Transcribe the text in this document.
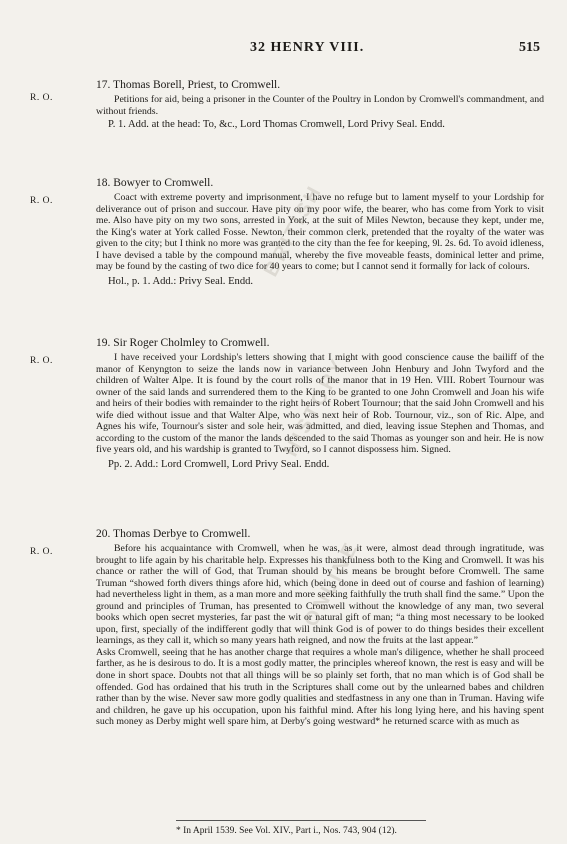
32 HENRY VIII.	515
R. O.
R. O.
R. O.
R. O.

17. Thomas Borell, Priest, to Cromwell.

Petitions for aid, being a prisoner in the Counter of the Poultry in London by Cromwell's commandment, and without friends.

P. 1. Add. at the head: To, &c., Lord Thomas Cromwell, Lord Privy Seal. Endd.

18. Bowyer to Cromwell.

Coact with extreme poverty and imprisonment, I have no refuge but to lament myself to your Lordship for deliverance out of prison and succour. Have pity on my poor wife, the bearer, who has come from York to visit me. Also have pity on my two sons, arrested in York, at the suit of Miles Newton, because they kept, under me, the King's water at York called Fosse. Newton, their common clerk, pretended that the royalty of the water was given to the city; but I think no more was granted to the city than the fee for keeping, 9l. 2s. 6d. To avoid idleness, I have devised a table by the compound manual, whereby the five moveable feasts, dominical letter and prime, may be found by the casting of two dice for 40 years to come; but I cannot send it formally for lack of colours.

Hol., p. 1. Add.: Privy Seal. Endd.

19. Sir Roger Cholmley to Cromwell.

I have received your Lordship's letters showing that I might with good conscience cause the bailiff of the manor of Kenyngton to seize the lands now in variance between John Henbury and John Twyford and the children of Walter Alpe. It is found by the court rolls of the manor that in 19 Hen. VIII. Robert Tournour was owner of the said lands and surrendered them to the King to be granted to one John Cromwell and Joan his wife and heirs of their bodies with remainder to the right heirs of Robert Tournour; that the said John Cromwell and his wife died without issue and that Walter Alpe, who was next heir of Rob. Tournour, viz., son of Ric. Alpe, and Agnes his wife, Tournour's sister and sole heir, was admitted, and died, leaving issue Stephen and Thomas, and according to the custom of the manor the lands descended to the said Thomas as younger son and heir. He is now five years old, and his wardship is granted to Twyford, so I cannot dispossess him. Signed.

Pp. 2. Add.: Lord Cromwell, Lord Privy Seal. Endd.

20. Thomas Derbye to Cromwell.

Before his acquaintance with Cromwell, when he was, as it were, almost dead through ingratitude, was brought to life again by his charitable help. Expresses his thankfulness both to the King and Cromwell. It was his chance or rather the will of God, that Truman should by his means be brought before Cromwell. The same Truman “showed forth divers things afore hid, which (being done in deed out of course and fashion of learning) had nevertheless light in them, as a man more and more seeking faithfully the truth shall find the same.” Upon the ground and principles of Truman, has presented to Cromwell without the knowledge of any man, two several books which open secret mysteries, far past the wit or natural gift of man; “a thing most necessary to be looked upon, first, specially of the indifferent godly that will think God is of power to do things besides their excellent learnings, as they call it, which so many years hath reigned, and now the fruits at the last appear.”

Asks Cromwell, seeing that he has another charge that requires a whole man's diligence, whether he shall proceed farther, as he is desirous to do. It is a most godly matter, the principles whereof known, the rest is easy and will be done in short space. Doubts not that all things will be so plainly set forth, that no man which is of God shall be offended. God has ordained that his truth in the Scriptures shall come out by the unlearned babes and children rather than by the wise. Never saw more godly qualities and stedfastness in any one than in Truman. Having wife and children, he gave up his occupation, upon his faithful mind. After his long lying here, and his having spent such money as Derby might well spare him, at Derby's going westward* he returned scarce with as much as

* In April 1539. See Vol. XIV., Part i., Nos. 743, 904 (12).
BRITISH
HISTORY
ONLINE
